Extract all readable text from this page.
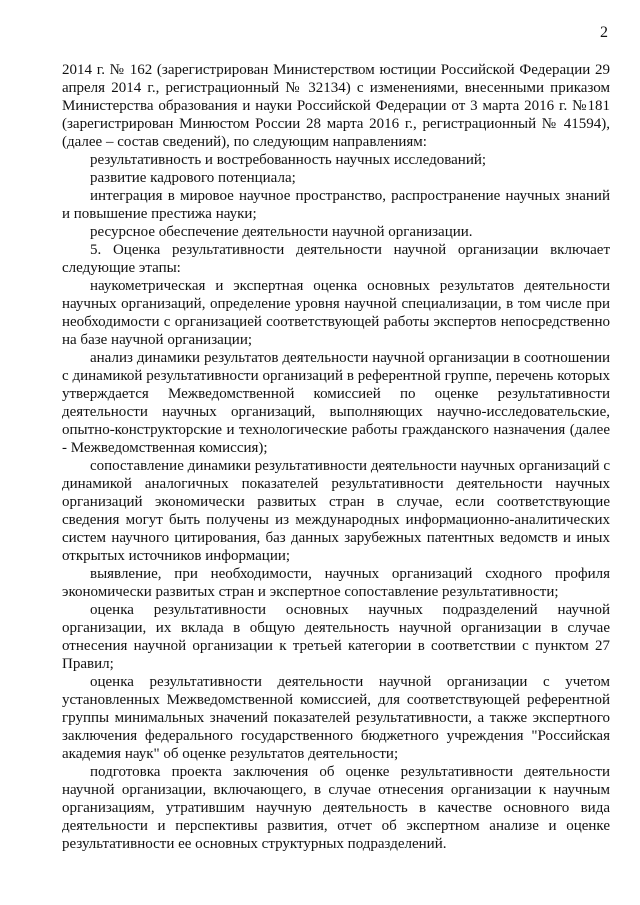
2

2014 г. № 162 (зарегистрирован Министерством юстиции Российской Федерации 29 апреля 2014 г., регистрационный № 32134) с изменениями, внесенными приказом Министерства образования и науки Российской Федерации от 3 марта 2016 г. №181 (зарегистрирован Минюстом России 28 марта 2016 г., регистрационный № 41594), (далее – состав сведений), по следующим направлениям:

результативность и востребованность научных исследований;

развитие кадрового потенциала;

интеграция в мировое научное пространство, распространение научных знаний и повышение престижа науки;

ресурсное обеспечение деятельности научной организации.

5. Оценка результативности деятельности научной организации включает следующие этапы:

наукометрическая и экспертная оценка основных результатов деятельности научных организаций, определение уровня научной специализации, в том числе при необходимости с организацией соответствующей работы экспертов непосредственно на базе научной организации;

анализ динамики результатов деятельности научной организации в соотношении с динамикой результативности организаций в референтной группе, перечень которых утверждается Межведомственной комиссией по оценке результативности деятельности научных организаций, выполняющих научно-исследовательские, опытно-конструкторские и технологические работы гражданского назначения (далее - Межведомственная комиссия);

сопоставление динамики результативности деятельности научных организаций с динамикой аналогичных показателей результативности деятельности научных организаций экономически развитых стран в случае, если соответствующие сведения могут быть получены из международных информационно-аналитических систем научного цитирования, баз данных зарубежных патентных ведомств и иных открытых источников информации;

выявление, при необходимости, научных организаций сходного профиля экономически развитых стран и экспертное сопоставление результативности;

оценка результативности основных научных подразделений научной организации, их вклада в общую деятельность научной организации в случае отнесения научной организации к третьей категории в соответствии с пунктом 27 Правил;

оценка результативности деятельности научной организации с учетом установленных Межведомственной комиссией, для соответствующей референтной группы минимальных значений показателей результативности, а также экспертного заключения федерального государственного бюджетного учреждения "Российская академия наук" об оценке результатов деятельности;

подготовка проекта заключения об оценке результативности деятельности научной организации, включающего, в случае отнесения организации к научным организациям, утратившим научную деятельность в качестве основного вида деятельности и перспективы развития, отчет об экспертном анализе и оценке результативности ее основных структурных подразделений.
